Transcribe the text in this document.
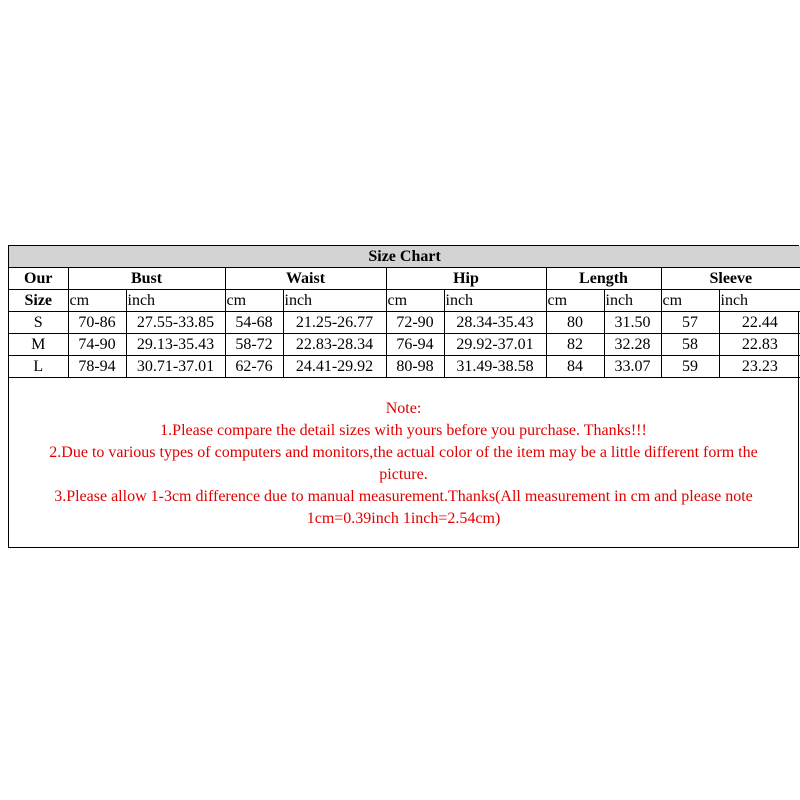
Size Chart										
Our	Bust		Waist		Hip		Length		Sleeve	
Size	cm	inch	cm	inch	cm	inch	cm	inch	cm	inch
S	70-86	27.55-33.85	54-68	21.25-26.77	72-90	28.34-35.43	80	31.50	57	22.44
M	74-90	29.13-35.43	58-72	22.83-28.34	76-94	29.92-37.01	82	32.28	58	22.83
L	78-94	30.71-37.01	62-76	24.41-29.92	80-98	31.49-38.58	84	33.07	59	23.23
Note:
1.Please compare the detail sizes with yours before you purchase. Thanks!!!
2.Due to various types of computers and monitors,the actual color of the item may be a little different form the
picture.
3.Please allow 1-3cm difference due to manual measurement.Thanks(All measurement in cm and please note
1cm=0.39inch 1inch=2.54cm)
